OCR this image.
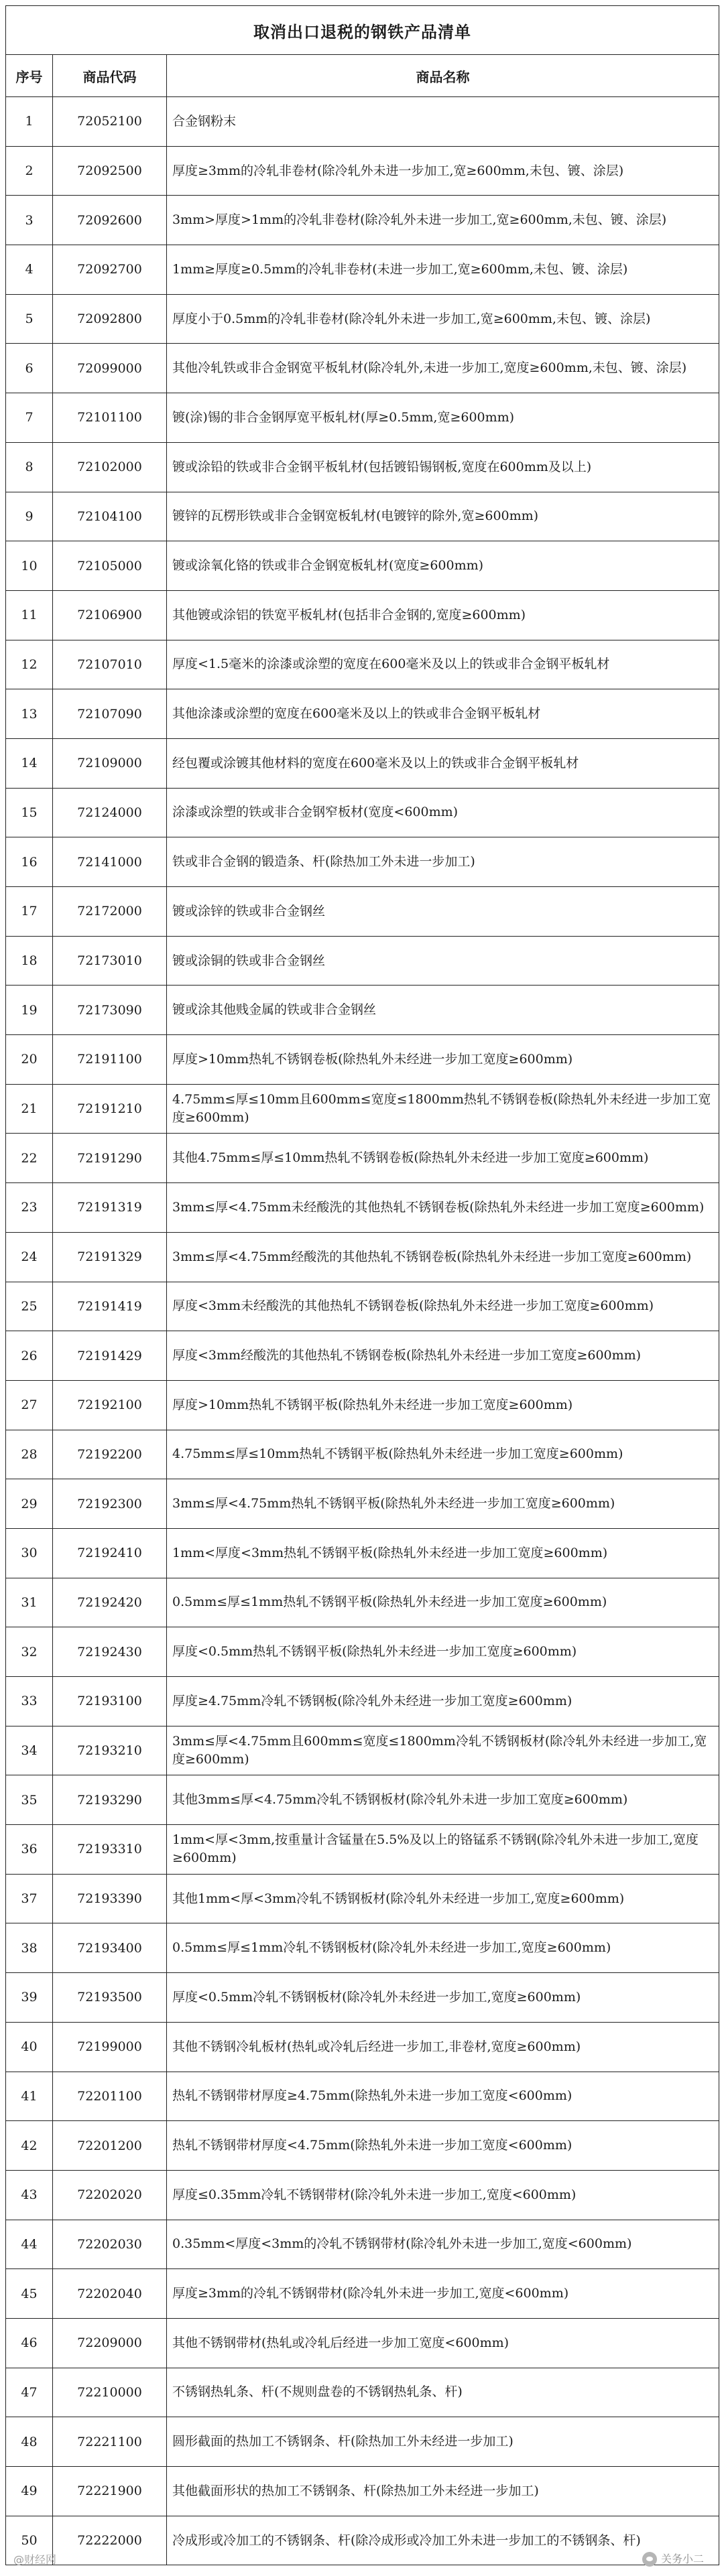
取消出口退税的钢铁产品清单		
序号	商品代码	商品名称
1	72052100	合金钢粉末
2	72092500	厚度≥3mm的冷轧非卷材(除冷轧外未进一步加工,宽≥600mm,未包、镀、涂层)
3	72092600	3mm>厚度>1mm的冷轧非卷材(除冷轧外未进一步加工,宽≥600mm,未包、镀、涂层)
4	72092700	1mm≥厚度≥0.5mm的冷轧非卷材(未进一步加工,宽≥600mm,未包、镀、涂层)
5	72092800	厚度小于0.5mm的冷轧非卷材(除冷轧外未进一步加工,宽≥600mm,未包、镀、涂层)
6	72099000	其他冷轧铁或非合金钢宽平板轧材(除冷轧外,未进一步加工,宽度≥600mm,未包、镀、涂层)
7	72101100	镀(涂)锡的非合金钢厚宽平板轧材(厚≥0.5mm,宽≥600mm)
8	72102000	镀或涂铅的铁或非合金钢平板轧材(包括镀铅锡钢板,宽度在600mm及以上)
9	72104100	镀锌的瓦楞形铁或非合金钢宽板轧材(电镀锌的除外,宽≥600mm)
10	72105000	镀或涂氧化铬的铁或非合金钢宽板轧材(宽度≥600mm)
11	72106900	其他镀或涂铝的铁宽平板轧材(包括非合金钢的,宽度≥600mm)
12	72107010	厚度<1.5毫米的涂漆或涂塑的宽度在600毫米及以上的铁或非合金钢平板轧材
13	72107090	其他涂漆或涂塑的宽度在600毫米及以上的铁或非合金钢平板轧材
14	72109000	经包覆或涂镀其他材料的宽度在600毫米及以上的铁或非合金钢平板轧材
15	72124000	涂漆或涂塑的铁或非合金钢窄板材(宽度<600mm)
16	72141000	铁或非合金钢的锻造条、杆(除热加工外未进一步加工)
17	72172000	镀或涂锌的铁或非合金钢丝
18	72173010	镀或涂铜的铁或非合金钢丝
19	72173090	镀或涂其他贱金属的铁或非合金钢丝
20	72191100	厚度>10mm热轧不锈钢卷板(除热轧外未经进一步加工宽度≥600mm)
21	72191210	4.75mm≤厚≤10mm且600mm≤宽度≤1800mm热轧不锈钢卷板(除热轧外未经进一步加工宽度≥600mm)
22	72191290	其他4.75mm≤厚≤10mm热轧不锈钢卷板(除热轧外未经进一步加工宽度≥600mm)
23	72191319	3mm≤厚<4.75mm未经酸洗的其他热轧不锈钢卷板(除热轧外未经进一步加工宽度≥600mm)
24	72191329	3mm≤厚<4.75mm经酸洗的其他热轧不锈钢卷板(除热轧外未经进一步加工宽度≥600mm)
25	72191419	厚度<3mm未经酸洗的其他热轧不锈钢卷板(除热轧外未经进一步加工宽度≥600mm)
26	72191429	厚度<3mm经酸洗的其他热轧不锈钢卷板(除热轧外未经进一步加工宽度≥600mm)
27	72192100	厚度>10mm热轧不锈钢平板(除热轧外未经进一步加工宽度≥600mm)
28	72192200	4.75mm≤厚≤10mm热轧不锈钢平板(除热轧外未经进一步加工宽度≥600mm)
29	72192300	3mm≤厚<4.75mm热轧不锈钢平板(除热轧外未经进一步加工宽度≥600mm)
30	72192410	1mm<厚度<3mm热轧不锈钢平板(除热轧外未经进一步加工宽度≥600mm)
31	72192420	0.5mm≤厚≤1mm热轧不锈钢平板(除热轧外未经进一步加工宽度≥600mm)
32	72192430	厚度<0.5mm热轧不锈钢平板(除热轧外未经进一步加工宽度≥600mm)
33	72193100	厚度≥4.75mm冷轧不锈钢板(除冷轧外未经进一步加工宽度≥600mm)
34	72193210	3mm≤厚<4.75mm且600mm≤宽度≤1800mm冷轧不锈钢板材(除冷轧外未经进一步加工,宽度≥600mm)
35	72193290	其他3mm≤厚<4.75mm冷轧不锈钢板材(除冷轧外未进一步加工宽度≥600mm)
36	72193310	1mm<厚<3mm,按重量计含锰量在5.5%及以上的铬锰系不锈钢(除冷轧外未进一步加工,宽度≥600mm)
37	72193390	其他1mm<厚<3mm冷轧不锈钢板材(除冷轧外未经进一步加工,宽度≥600mm)
38	72193400	0.5mm≤厚≤1mm冷轧不锈钢板材(除冷轧外未经进一步加工,宽度≥600mm)
39	72193500	厚度<0.5mm冷轧不锈钢板材(除冷轧外未经进一步加工,宽度≥600mm)
40	72199000	其他不锈钢冷轧板材(热轧或冷轧后经进一步加工,非卷材,宽度≥600mm)
41	72201100	热轧不锈钢带材厚度≥4.75mm(除热轧外未进一步加工宽度<600mm)
42	72201200	热轧不锈钢带材厚度<4.75mm(除热轧外未进一步加工宽度<600mm)
43	72202020	厚度≤0.35mm冷轧不锈钢带材(除冷轧外未进一步加工,宽度<600mm)
44	72202030	0.35mm<厚度<3mm的冷轧不锈钢带材(除冷轧外未进一步加工,宽度<600mm)
45	72202040	厚度≥3mm的冷轧不锈钢带材(除冷轧外未进一步加工,宽度<600mm)
46	72209000	其他不锈钢带材(热轧或冷轧后经进一步加工宽度<600mm)
47	72210000	不锈钢热轧条、杆(不规则盘卷的不锈钢热轧条、杆)
48	72221100	圆形截面的热加工不锈钢条、杆(除热加工外未经进一步加工)
49	72221900	其他截面形状的热加工不锈钢条、杆(除热加工外未经进一步加工)
50	72222000	冷成形或冷加工的不锈钢条、杆(除冷成形或冷加工外未进一步加工的不锈钢条、杆)
@财经网	关务小二
